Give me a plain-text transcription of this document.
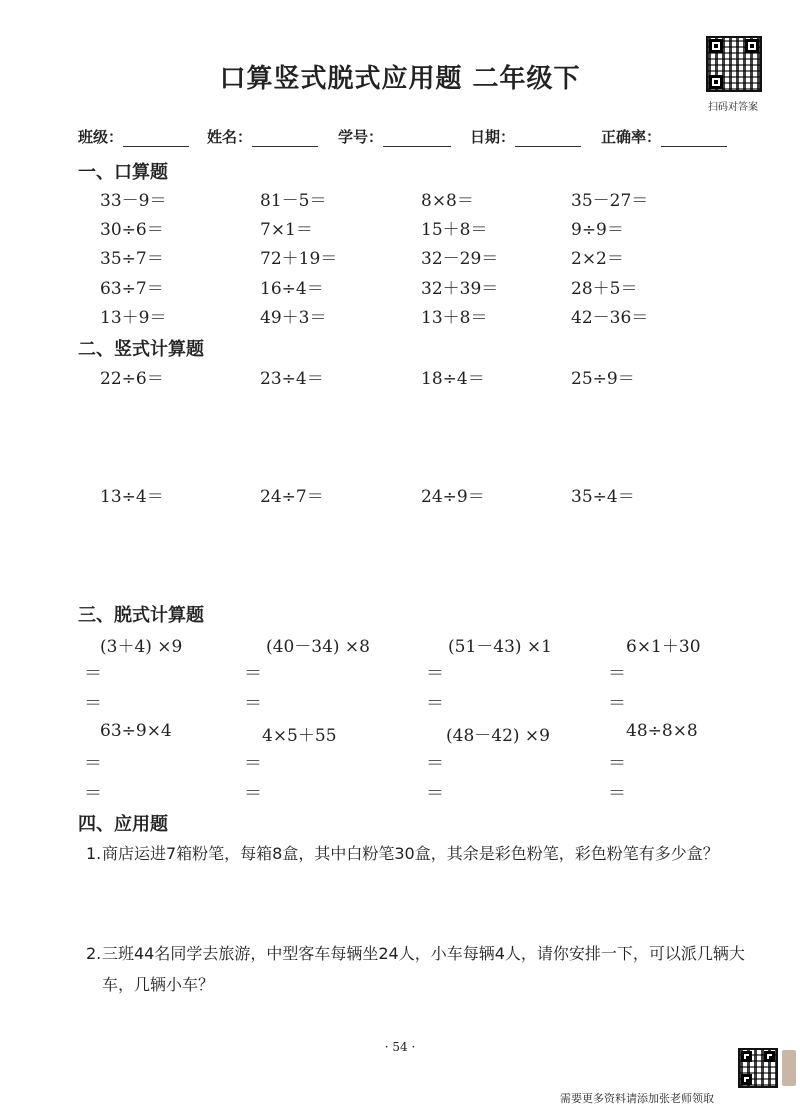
口算竖式脱式应用题 二年级下
扫码对答案
班级：	姓名：	学号：	日期：	正确率：
一、口算题
33－9＝	81－5＝	8×8＝	35－27＝
30÷6＝	7×1＝	15＋8＝	9÷9＝
35÷7＝	72＋19＝	32－29＝	2×2＝
63÷7＝	16÷4＝	32＋39＝	28＋5＝
13＋9＝	49＋3＝	13＋8＝	42－36＝
二、竖式计算题
22÷6＝	23÷4＝	18÷4＝	25÷9＝
13÷4＝	24÷7＝	24÷9＝	35÷4＝
三、脱式计算题
(3＋4) ×9	(40－34) ×8	(51－43) ×1	6×1＋30
＝	＝	＝	＝
＝	＝	＝	＝
63÷9×4	4×5＋55	(48－42) ×9	48÷8×8
＝	＝	＝	＝
＝	＝	＝	＝
四、应用题
1. 商店运进7箱粉笔，每箱8盒，其中白粉笔30盒，其余是彩色粉笔，彩色粉笔有多少盒？
2. 三班44名同学去旅游，中型客车每辆坐24人，小车每辆4人，请你安排一下，可以派几辆大车，几辆小车？
· 54 ·
需要更多资料请添加张老师领取
